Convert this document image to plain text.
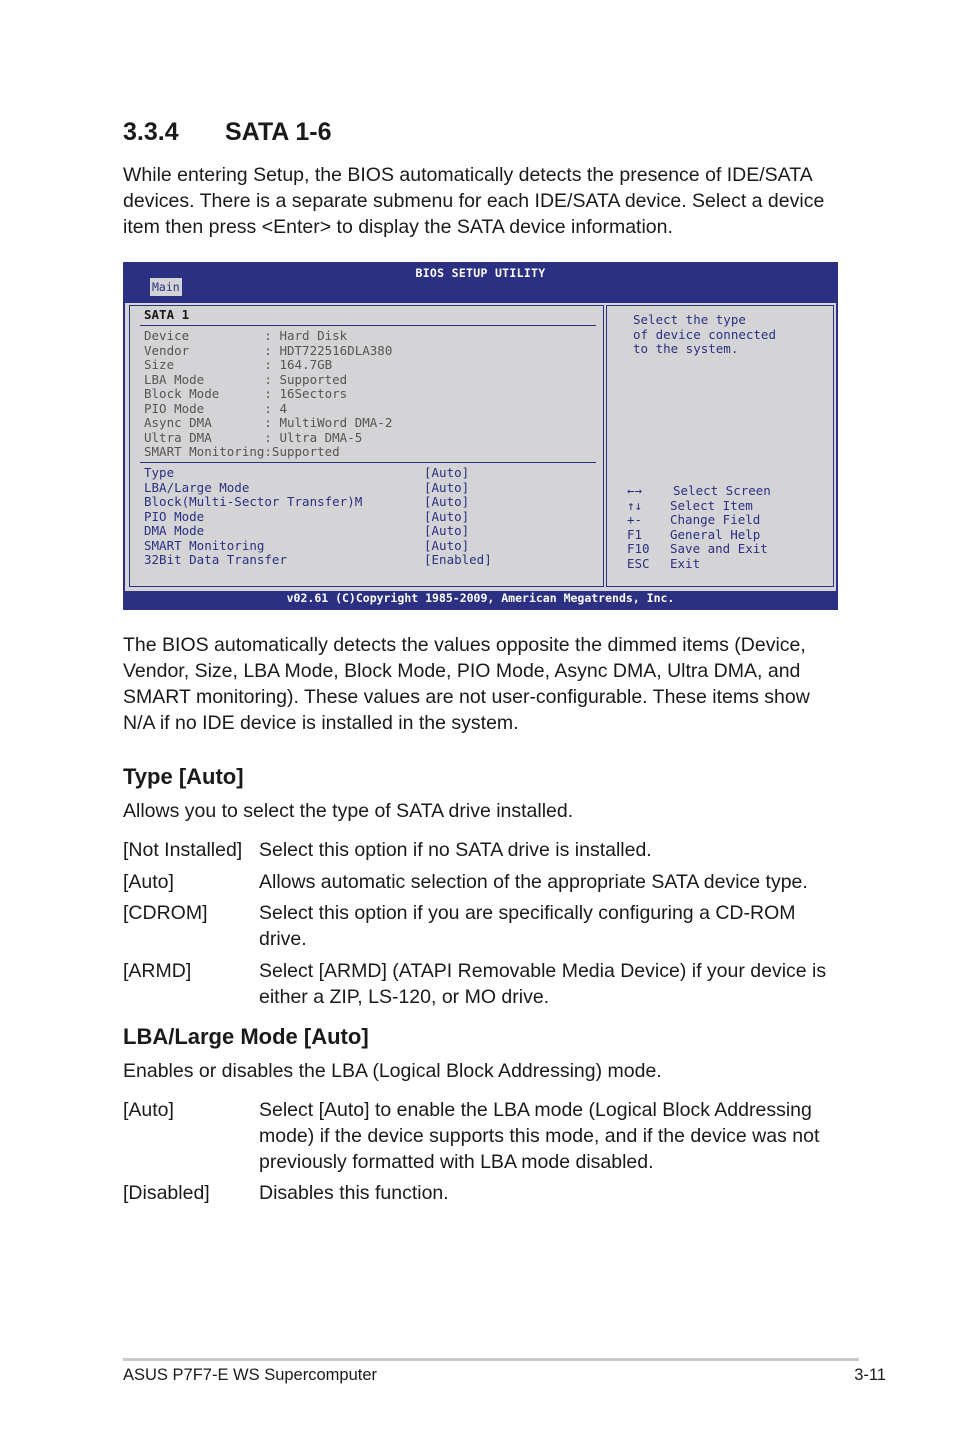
3.3.4 SATA 1-6

While entering Setup, the BIOS automatically detects the presence of IDE/SATA

devices. There is a separate submenu for each IDE/SATA device. Select a device

item then press <Enter> to display the SATA device information.

BIOS SETUP UTILITY
Main
SATA 1
Device          : Hard Disk
Vendor          : HDT722516DLA380
Size            : 164.7GB
LBA Mode        : Supported
Block Mode      : 16Sectors
PIO Mode        : 4
Async DMA       : MultiWord DMA-2
Ultra DMA       : Ultra DMA-5
SMART Monitoring:Supported
Type	[Auto]
LBA/Large Mode	[Auto]
Block(Multi-Sector Transfer)M	[Auto]
PIO Mode	[Auto]
DMA Mode	[Auto]
SMART Monitoring	[Auto]
32Bit Data Transfer	[Enabled]
Select the type
of device connected
to the system.
←→ Select Screen
↑↓ Select Item
+- Change Field
F1 General Help
F10 Save and Exit
ESC Exit
v02.61 (C)Copyright 1985-2009, American Megatrends, Inc.

The BIOS automatically detects the values opposite the dimmed items (Device,

Vendor, Size, LBA Mode, Block Mode, PIO Mode, Async DMA, Ultra DMA, and

SMART monitoring). These values are not user-configurable. These items show

N/A if no IDE device is installed in the system.

Type [Auto]
Allows you to select the type of SATA drive installed.
[Not Installed] Select this option if no SATA drive is installed.
[Auto]	Allows automatic selection of the appropriate SATA device type.
[CDROM]	Select this option if you are specifically configuring a CD-ROM
drive.
[ARMD]	Select [ARMD] (ATAPI Removable Media Device) if your device is
either a ZIP, LS-120, or MO drive.
LBA/Large Mode [Auto]
Enables or disables the LBA (Logical Block Addressing) mode.
[Auto]	Select [Auto] to enable the LBA mode (Logical Block Addressing
mode) if the device supports this mode, and if the device was not
previously formatted with LBA mode disabled.
[Disabled]	Disables this function.
ASUS P7F7-E WS Supercomputer	3-11
